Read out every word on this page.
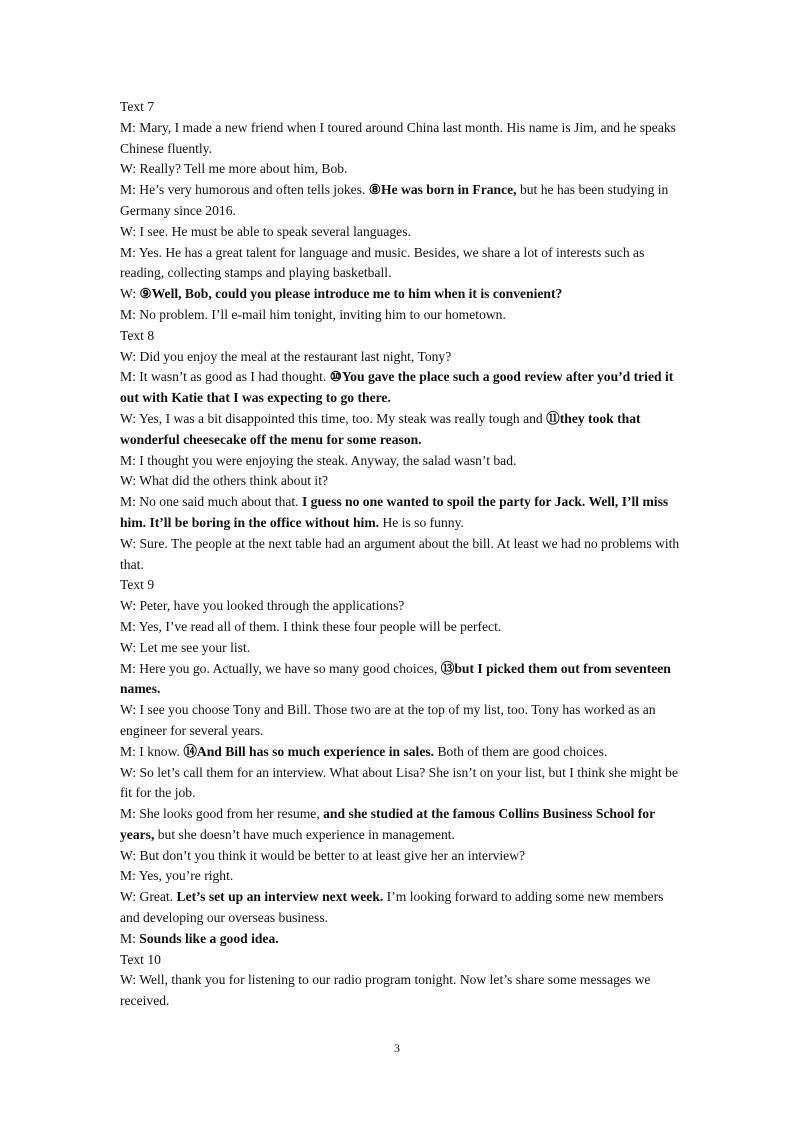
Text 7

M: Mary, I made a new friend when I toured around China last month. His name is Jim, and he speaks Chinese fluently.

W: Really? Tell me more about him, Bob.

M: He’s very humorous and often tells jokes. ⑧He was born in France, but he has been studying in Germany since 2016.

W: I see. He must be able to speak several languages.

M: Yes. He has a great talent for language and music. Besides, we share a lot of interests such as reading, collecting stamps and playing basketball.

W: ⑨Well, Bob, could you please introduce me to him when it is convenient?

M: No problem. I’ll e-mail him tonight, inviting him to our hometown.

Text 8

W: Did you enjoy the meal at the restaurant last night, Tony?

M: It wasn’t as good as I had thought. ⑩You gave the place such a good review after you’d tried it out with Katie that I was expecting to go there.

W: Yes, I was a bit disappointed this time, too. My steak was really tough and ⑪they took that wonderful cheesecake off the menu for some reason.

M: I thought you were enjoying the steak. Anyway, the salad wasn’t bad.

W: What did the others think about it?

M: No one said much about that. I guess no one wanted to spoil the party for Jack. Well, I’ll miss him. It’ll be boring in the office without him. He is so funny.

W: Sure. The people at the next table had an argument about the bill. At least we had no problems with that.

Text 9

W: Peter, have you looked through the applications?

M: Yes, I’ve read all of them. I think these four people will be perfect.

W: Let me see your list.

M: Here you go. Actually, we have so many good choices, ⑬but I picked them out from seventeen names.

W: I see you choose Tony and Bill. Those two are at the top of my list, too. Tony has worked as an engineer for several years.

M: I know. ⑭And Bill has so much experience in sales. Both of them are good choices.

W: So let’s call them for an interview. What about Lisa? She isn’t on your list, but I think she might be fit for the job.

M: She looks good from her resume, and she studied at the famous Collins Business School for years, but she doesn’t have much experience in management.

W: But don’t you think it would be better to at least give her an interview?

M: Yes, you’re right.

W: Great. Let’s set up an interview next week. I’m looking forward to adding some new members and developing our overseas business.

M: Sounds like a good idea.

Text 10

W: Well, thank you for listening to our radio program tonight. Now let’s share some messages we received.

3
